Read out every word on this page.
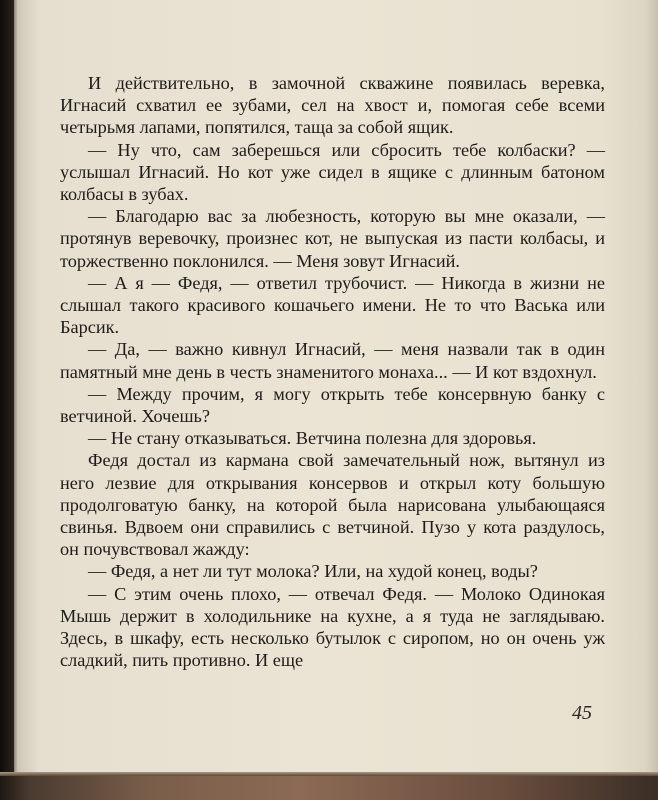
И действительно, в замочной скважине появилась веревка, Игнасий схватил ее зубами, сел на хвост и, помогая себе всеми четырьмя лапами, попятился, таща за собой ящик.

— Ну что, сам заберешься или сбросить тебе колбаски? — услышал Игнасий. Но кот уже сидел в ящике с длинным батоном колбасы в зубах.

— Благодарю вас за любезность, которую вы мне оказали, — протянув веревочку, произнес кот, не выпуская из пасти колбасы, и торжественно поклонился. — Меня зовут Игнасий.

— А я — Федя, — ответил трубочист. — Никогда в жизни не слышал такого красивого кошачьего имени. Не то что Васька или Барсик.

— Да, — важно кивнул Игнасий, — меня назвали так в один памятный мне день в честь знаменитого монаха... — И кот вздохнул.

— Между прочим, я могу открыть тебе консервную банку с ветчиной. Хочешь?

— Не стану отказываться. Ветчина полезна для здоровья.

Федя достал из кармана свой замечательный нож, вытянул из него лезвие для открывания консервов и открыл коту большую продолговатую банку, на которой была нарисована улыбающаяся свинья. Вдвоем они справились с ветчиной. Пузо у кота раздулось, он почувствовал жажду:

— Федя, а нет ли тут молока? Или, на худой конец, воды?

— С этим очень плохо, — отвечал Федя. — Молоко Одинокая Мышь держит в холодильнике на кухне, а я туда не заглядываю. Здесь, в шкафу, есть несколько бутылок с сиропом, но он очень уж сладкий, пить противно. И еще

45
